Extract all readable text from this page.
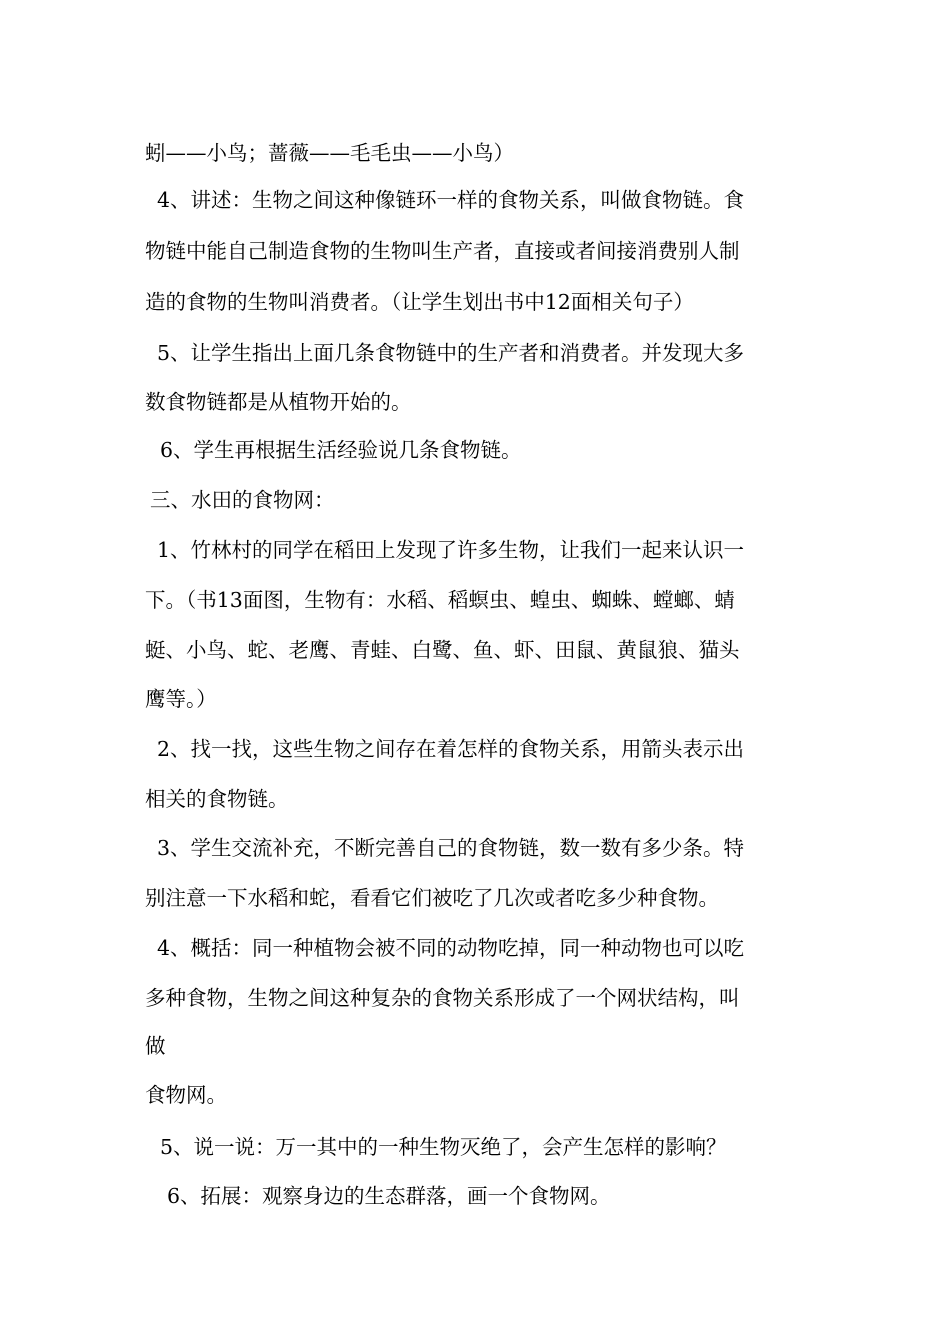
蚓——小鸟；蔷薇——毛毛虫——小鸟）
4、讲述：生物之间这种像链环一样的食物关系，叫做食物链。食
物链中能自己制造食物的生物叫生产者，直接或者间接消费别人制
造的食物的生物叫消费者。（让学生划出书中12面相关句子）
5、让学生指出上面几条食物链中的生产者和消费者。并发现大多
数食物链都是从植物开始的。
6、学生再根据生活经验说几条食物链。
三、水田的食物网：
1、竹林村的同学在稻田上发现了许多生物，让我们一起来认识一
下。（书13面图，生物有：水稻、稻螟虫、蝗虫、蜘蛛、螳螂、蜻
蜓、小鸟、蛇、老鹰、青蛙、白鹭、鱼、虾、田鼠、黄鼠狼、猫头
鹰等。）
2、找一找，这些生物之间存在着怎样的食物关系，用箭头表示出
相关的食物链。
3、学生交流补充，不断完善自己的食物链，数一数有多少条。特
别注意一下水稻和蛇，看看它们被吃了几次或者吃多少种食物。
4、概括：同一种植物会被不同的动物吃掉，同一种动物也可以吃
多种食物，生物之间这种复杂的食物关系形成了一个网状结构，叫
做
食物网。
5、说一说：万一其中的一种生物灭绝了，会产生怎样的影响？
6、拓展：观察身边的生态群落，画一个食物网。
